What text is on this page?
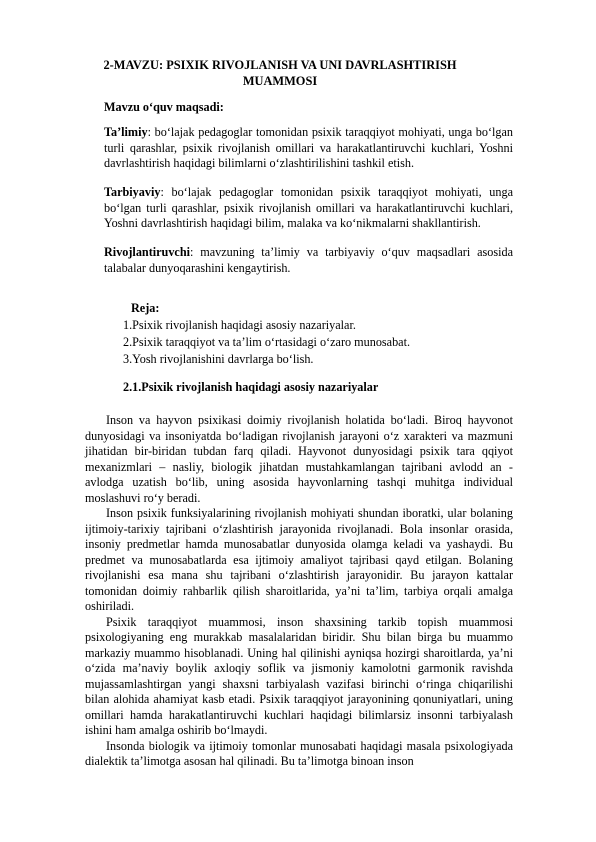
2-MAVZU: PSIXIK RIVOJLANISH VA UNI DAVRLASHTIRISH MUAMMOSI
Mavzu o‘quv maqsadi:
Ta’limiy: bo‘lajak pedagoglar tomonidan psixik taraqqiyot mohiyati, unga bo‘lgan turli qarashlar, psixik rivojlanish omillari va harakatlantiruvchi kuchlari, Yoshni davrlashtirish haqidagi bilimlarni o‘zlashtirilishini tashkil etish.
Tarbiyaviy: bo‘lajak pedagoglar tomonidan psixik taraqqiyot mohiyati, unga bo‘lgan turli qarashlar, psixik rivojlanish omillari va harakatlantiruvchi kuchlari, Yoshni davrlashtirish haqidagi bilim, malaka va ko‘nikmalarni shakllantirish.
Rivojlantiruvchi: mavzuning ta’limiy va tarbiyaviy o‘quv maqsadlari asosida talabalar dunyoqarashini kengaytirish.
Reja:
1.Psixik rivojlanish haqidagi asosiy nazariyalar.
2.Psixik taraqqiyot va ta’lim o‘rtasidagi o‘zaro munosabat.
3.Yosh rivojlanishini davrlarga bo‘lish.
2.1.Psixik rivojlanish haqidagi asosiy nazariyalar

Inson va hayvon psixikasi doimiy rivojlanish holatida bo‘ladi. Biroq hayvonot dunyosidagi va insoniyatda bo‘ladigan rivojlanish jarayoni o‘z xarakteri va mazmuni jihatidan bir-biridan tubdan farq qiladi. Hayvonot dunyosidagi psixik tara qqiyot mexanizmlari – nasliy, biologik jihatdan mustahkamlangan tajribani avlodd an - avlodga uzatish bo‘lib, uning asosida hayvonlarning tashqi muhitga individual moslashuvi ro‘y beradi.

Inson psixik funksiyalarining rivojlanish mohiyati shundan iboratki, ular bolaning ijtimoiy-tarixiy tajribani o‘zlashtirish jarayonida rivojlanadi. Bola insonlar orasida, insoniy predmetlar hamda munosabatlar dunyosida olamga keladi va yashaydi. Bu predmet va munosabatlarda esa ijtimoiy amaliyot tajribasi qayd etilgan. Bolaning rivojlanishi esa mana shu tajribani o‘zlashtirish jarayonidir. Bu jarayon kattalar tomonidan doimiy rahbarlik qilish sharoitlarida, ya’ni ta’lim, tarbiya orqali amalga oshiriladi.

Psixik taraqqiyot muammosi, inson shaxsining tarkib topish muammosi psixologiyaning eng murakkab masalalaridan biridir. Shu bilan birga bu muammo markaziy muammo hisoblanadi. Uning hal qilinishi ayniqsa hozirgi sharoitlarda, ya’ni o‘zida ma’naviy boylik axloqiy soflik va jismoniy kamolotni garmonik ravishda mujassamlashtirgan yangi shaxsni tarbiyalash vazifasi birinchi o‘ringa chiqarilishi bilan alohida ahamiyat kasb etadi. Psixik taraqqiyot jarayonining qonuniyatlari, uning omillari hamda harakatlantiruvchi kuchlari haqidagi bilimlarsiz insonni tarbiyalash ishini ham amalga oshirib bo‘lmaydi.

Insonda biologik va ijtimoiy tomonlar munosabati haqidagi masala psixologiyada dialektik ta’limotga asosan hal qilinadi. Bu ta’limotga binoan inson
